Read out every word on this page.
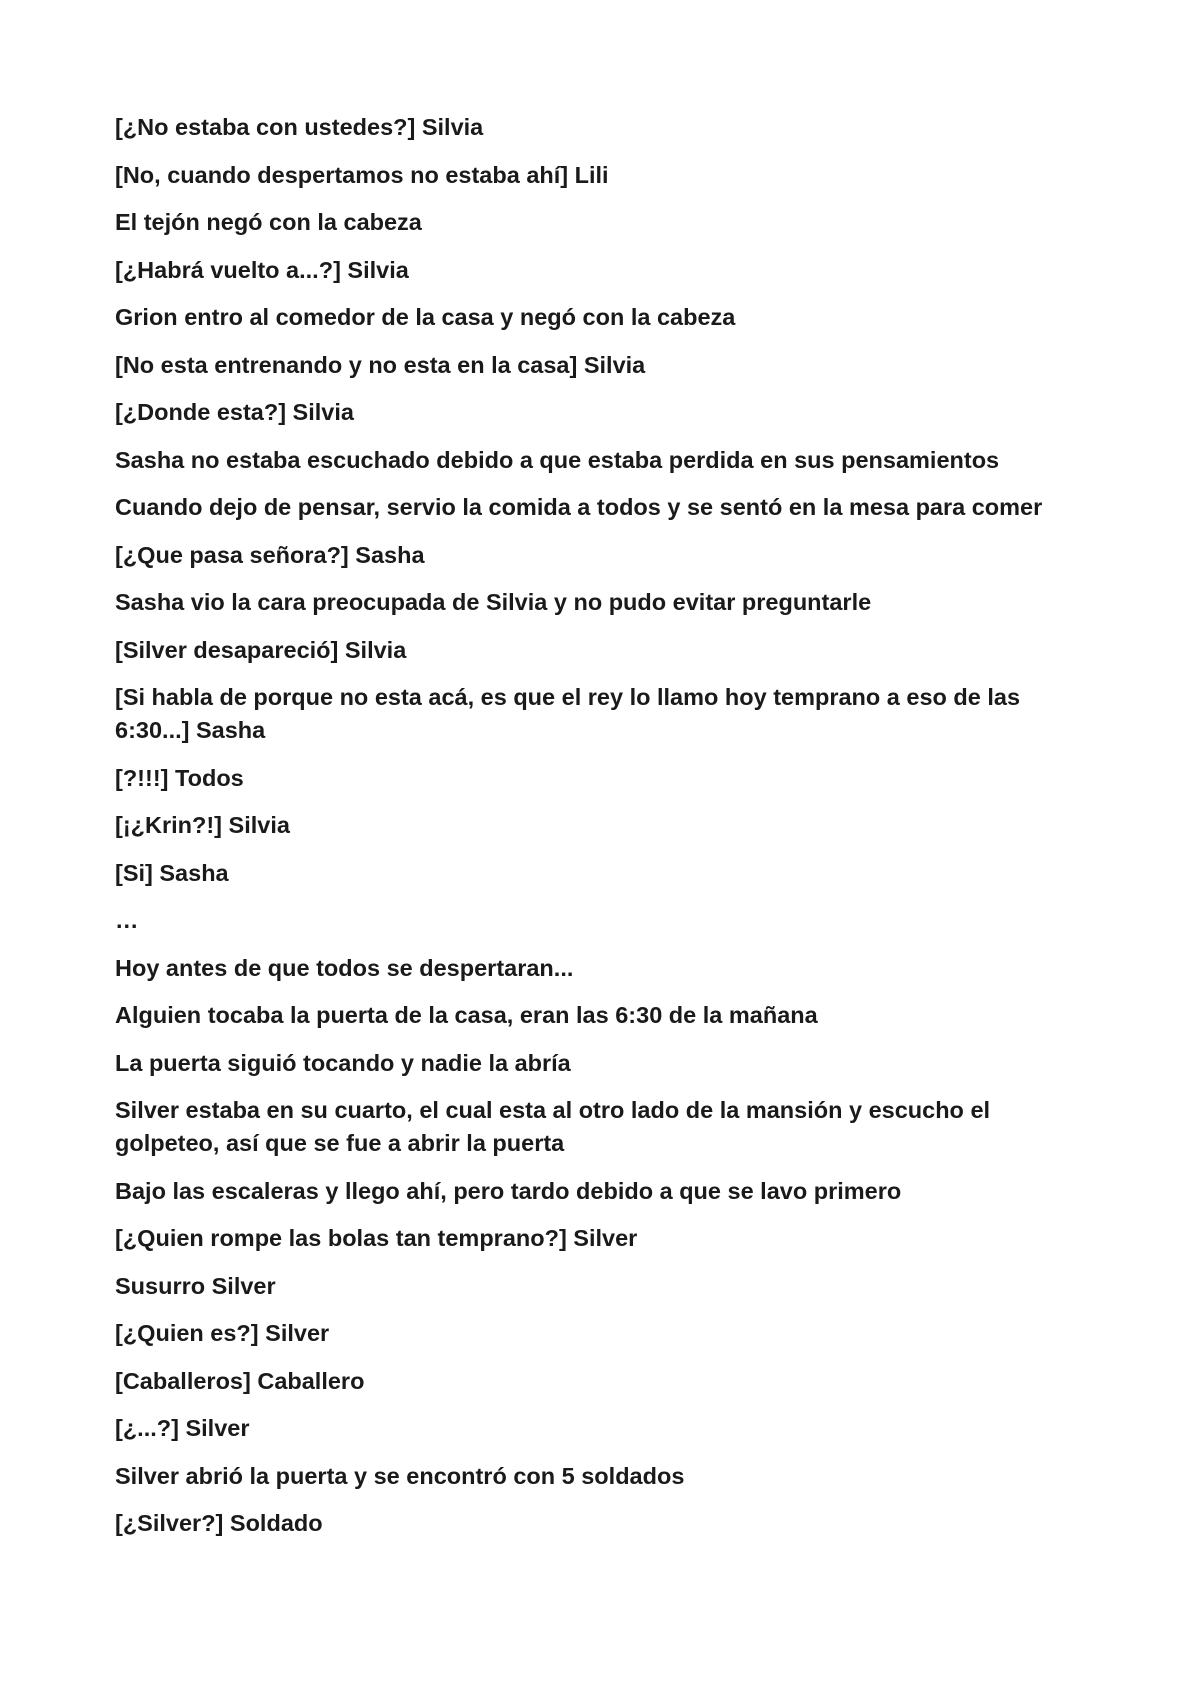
[¿No estaba con ustedes?] Silvia

[No, cuando despertamos no estaba ahí] Lili

El tejón negó con la cabeza

[¿Habrá vuelto a...?] Silvia

Grion entro al comedor de la casa y negó con la cabeza

[No esta entrenando y no esta en la casa] Silvia

[¿Donde esta?] Silvia

Sasha no estaba escuchado debido a que estaba perdida en sus pensamientos

Cuando dejo de pensar, servio la comida a todos y se sentó en la mesa para comer

[¿Que pasa señora?] Sasha

Sasha vio la cara preocupada de Silvia y no pudo evitar preguntarle

[Silver desapareció] Silvia

[Si habla de porque no esta acá, es que el rey lo llamo hoy temprano a eso de las 6:30...] Sasha

[?!!!] Todos

[¡¿Krin?!] Silvia

[Si] Sasha

…

Hoy antes de que todos se despertaran...

Alguien tocaba la puerta de la casa, eran las 6:30 de la mañana

La puerta siguió tocando y nadie la abría

Silver estaba en su cuarto, el cual esta al otro lado de la mansión y escucho el golpeteo, así que se fue a abrir la puerta

Bajo las escaleras y llego ahí, pero tardo debido a que se lavo primero

[¿Quien rompe las bolas tan temprano?] Silver

Susurro Silver

[¿Quien es?] Silver

[Caballeros] Caballero

[¿...?] Silver

Silver abrió la puerta y se encontró con 5 soldados

[¿Silver?] Soldado
